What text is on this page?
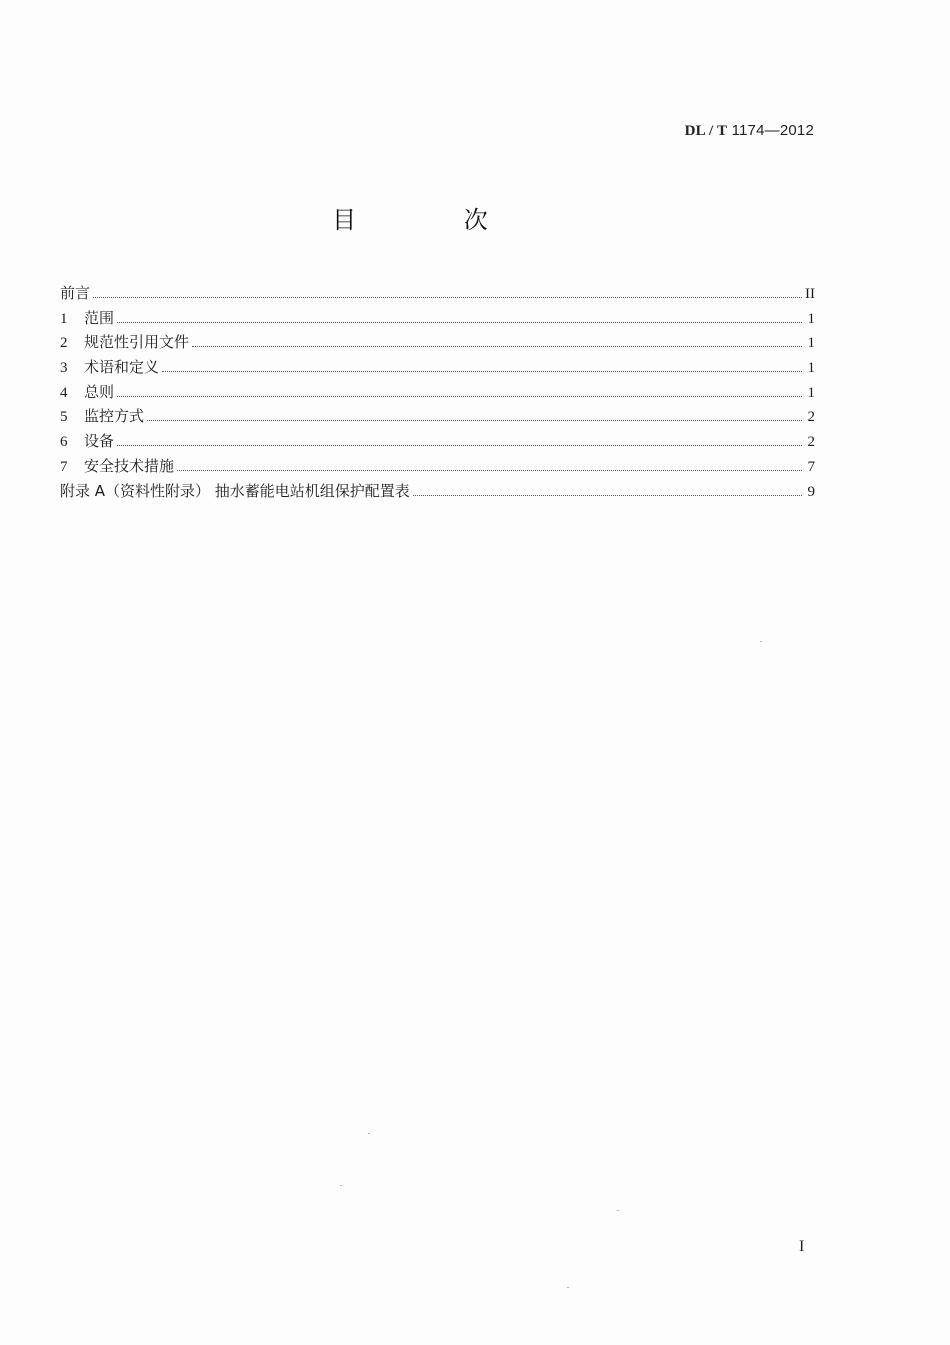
DL / T 1174—2012
目 次
前言	II
1	范围	1
2	规范性引用文件	1
3	术语和定义	1
4	总则	1
5	监控方式	2
6	设备	2
7	安全技术措施	7
附录 A（资料性附录） 抽水蓄能电站机组保护配置表	9
I
